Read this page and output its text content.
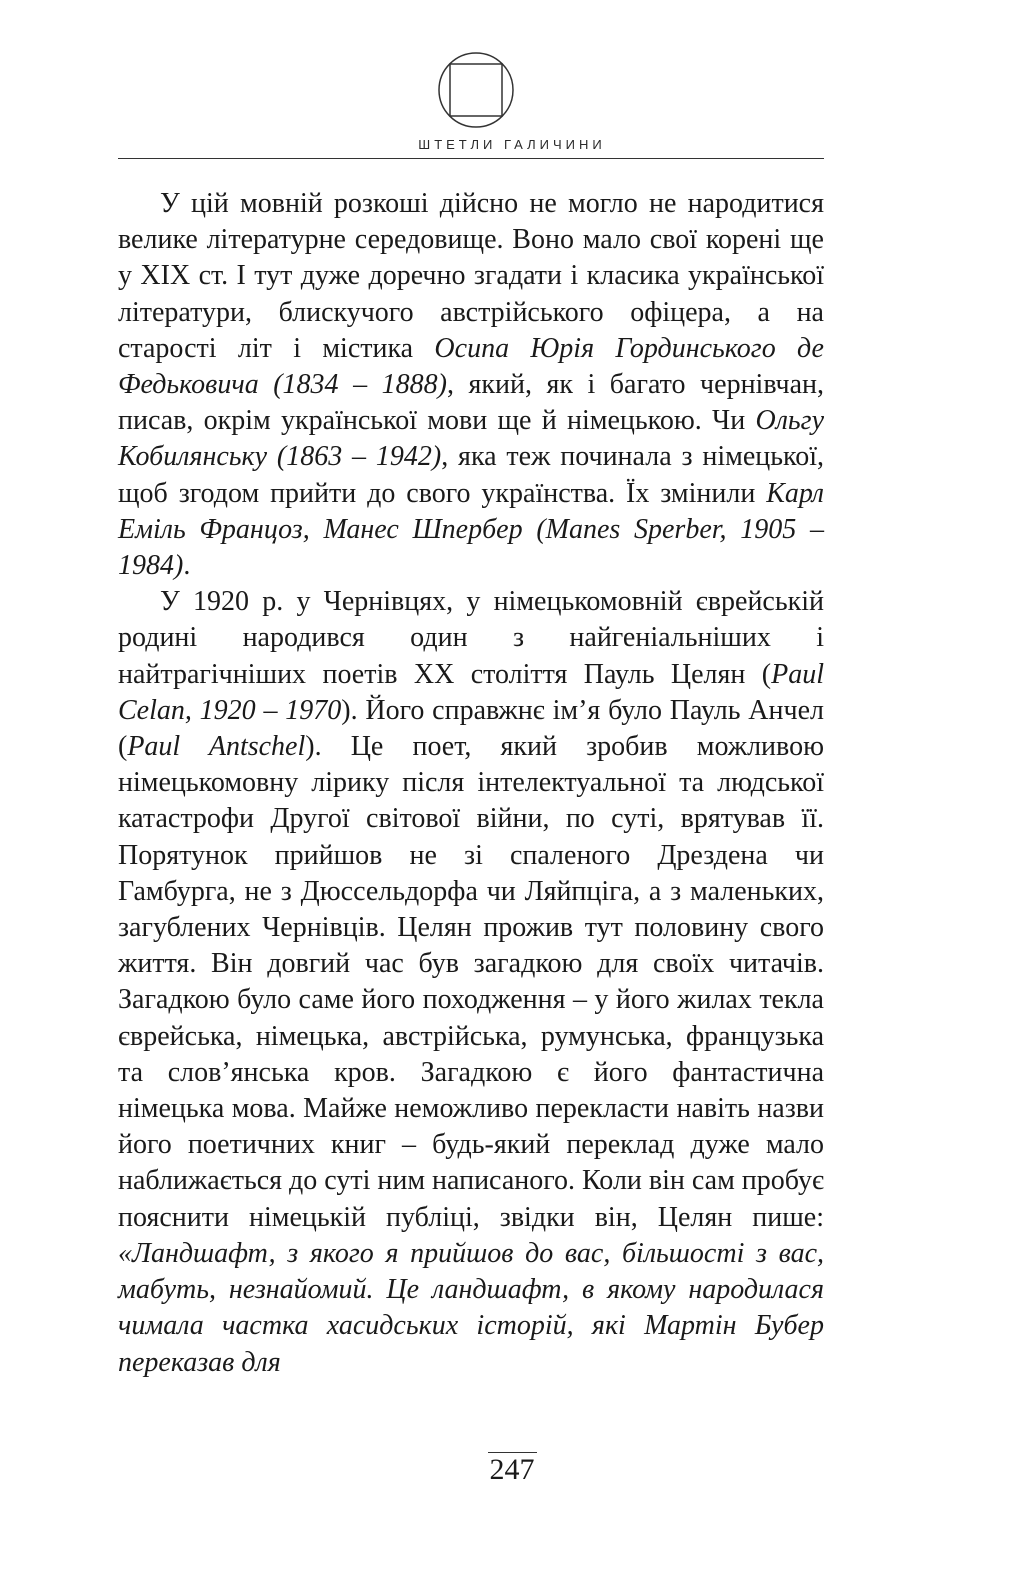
ШТЕТЛИ ГАЛИЧИНИ

У цій мовній розкоші дійсно не могло не народитися велике літературне середовище. Воно мало свої корені ще у ХІХ ст. І тут дуже доречно згадати і класика української літератури, блискучого австрійського офіцера, а на старості літ і містика Осипа Юрія Гординського де Федьковича (1834 – 1888), який, як і багато чернівчан, писав, окрім української мови ще й німецькою. Чи Ольгу Кобилянську (1863 – 1942), яка теж починала з німецької, щоб згодом прийти до свого українства. Їх змінили Карл Еміль Францоз, Манес Шпербер (Manes Sperber, 1905 – 1984).

У 1920 р. у Чернівцях, у німецькомовній єврейській родині народився один з найгеніальніших і найтрагічніших поетів ХХ століття Пауль Целян (Paul Celan, 1920 – 1970). Його справжнє ім’я було Пауль Анчел (Paul Antschel). Це поет, який зробив можливою німецькомовну лірику після інтелектуальної та людської катастрофи Другої світової війни, по суті, врятував її. Порятунок прийшов не зі спаленого Дрездена чи Гамбурга, не з Дюссельдорфа чи Ляйпціга, а з маленьких, загублених Чернівців. Целян прожив тут половину свого життя. Він довгий час був загадкою для своїх читачів. Загадкою було саме його походження – у його жилах текла єврейська, німецька, австрійська, румунська, французька та слов’янська кров. Загадкою є його фантастична німецька мова. Майже неможливо перекласти навіть назви його поетичних книг – будь-який переклад дуже мало наближається до суті ним написаного. Коли він сам пробує пояснити німецькій публіці, звідки він, Целян пише: «Ландшафт, з якого я прийшов до вас, більшості з вас, мабуть, незнайомий. Це ландшафт, в якому народилася чимала частка хасидських історій, які Мартін Бубер переказав для

247
